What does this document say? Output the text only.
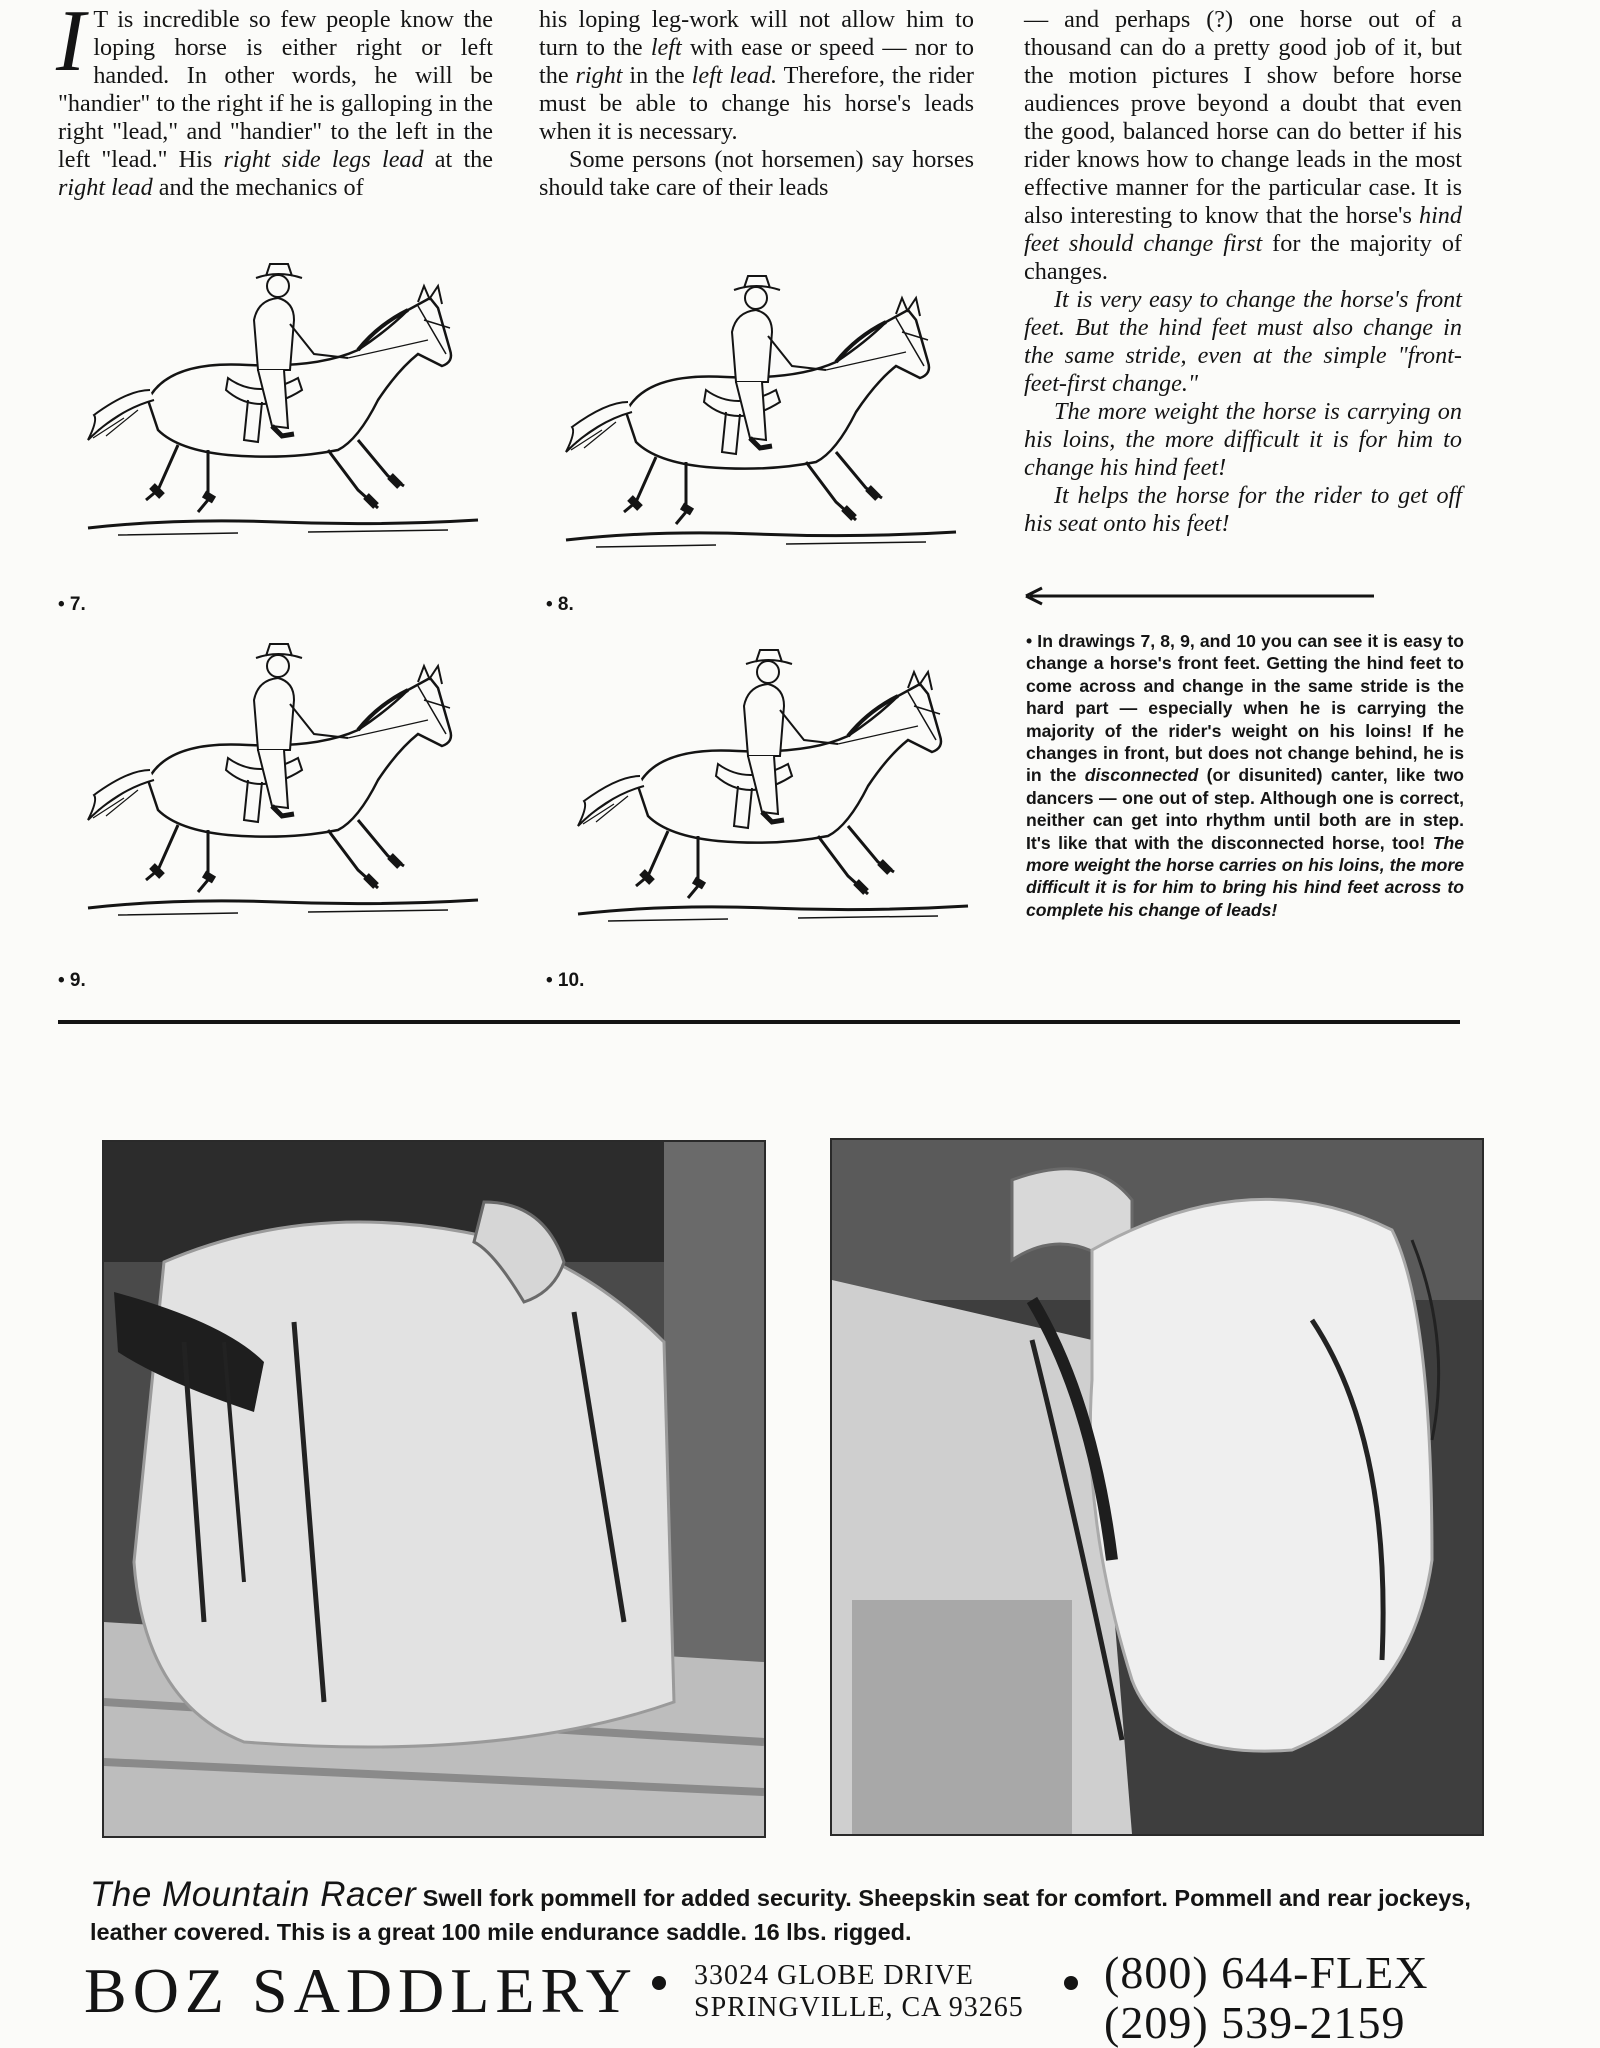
I T is incredible so few people know the loping horse is either right or left handed. In other words, he will be "handier" to the right if he is galloping in the right "lead," and "handier" to the left in the left "lead." His right side legs lead at the right lead and the mechanics of

his loping leg-work will not allow him to turn to the left with ease or speed — nor to the right in the left lead. Therefore, the rider must be able to change his horse's leads when it is necessary.

Some persons (not horsemen) say horses should take care of their leads

— and perhaps (?) one horse out of a thousand can do a pretty good job of it, but the motion pictures I show before horse audiences prove beyond a doubt that even the good, balanced horse can do better if his rider knows how to change leads in the most effective manner for the particular case. It is also interesting to know that the horse's hind feet should change first for the majority of changes.

It is very easy to change the horse's front feet. But the hind feet must also change in the same stride, even at the simple "front-feet-first change."

The more weight the horse is carrying on his loins, the more difficult it is for him to change his hind feet!

It helps the horse for the rider to get off his seat onto his feet!

• 7.	• 8.
• 9.	• 10.
• In drawings 7, 8, 9, and 10 you can see it is easy to change a horse's front feet. Getting the hind feet to come across and change in the same stride is the hard part — especially when he is carrying the majority of the rider's weight on his loins! If he changes in front, but does not change behind, he is in the disconnected (or disunited) canter, like two dancers — one out of step. Although one is correct, neither can get into rhythm until both are in step. It's like that with the disconnected horse, too! The more weight the horse carries on his loins, the more difficult it is for him to bring his hind feet across to complete his change of leads!
The Mountain Racer Swell fork pommell for added security. Sheepskin seat for comfort. Pommell and rear jockeys, leather covered. This is a great 100 mile endurance saddle. 16 lbs. rigged.
BOZ SADDLERY 33024 GLOBE DRIVE
SPRINGVILLE, CA 93265
(800) 644-FLEX
(209) 539-2159
